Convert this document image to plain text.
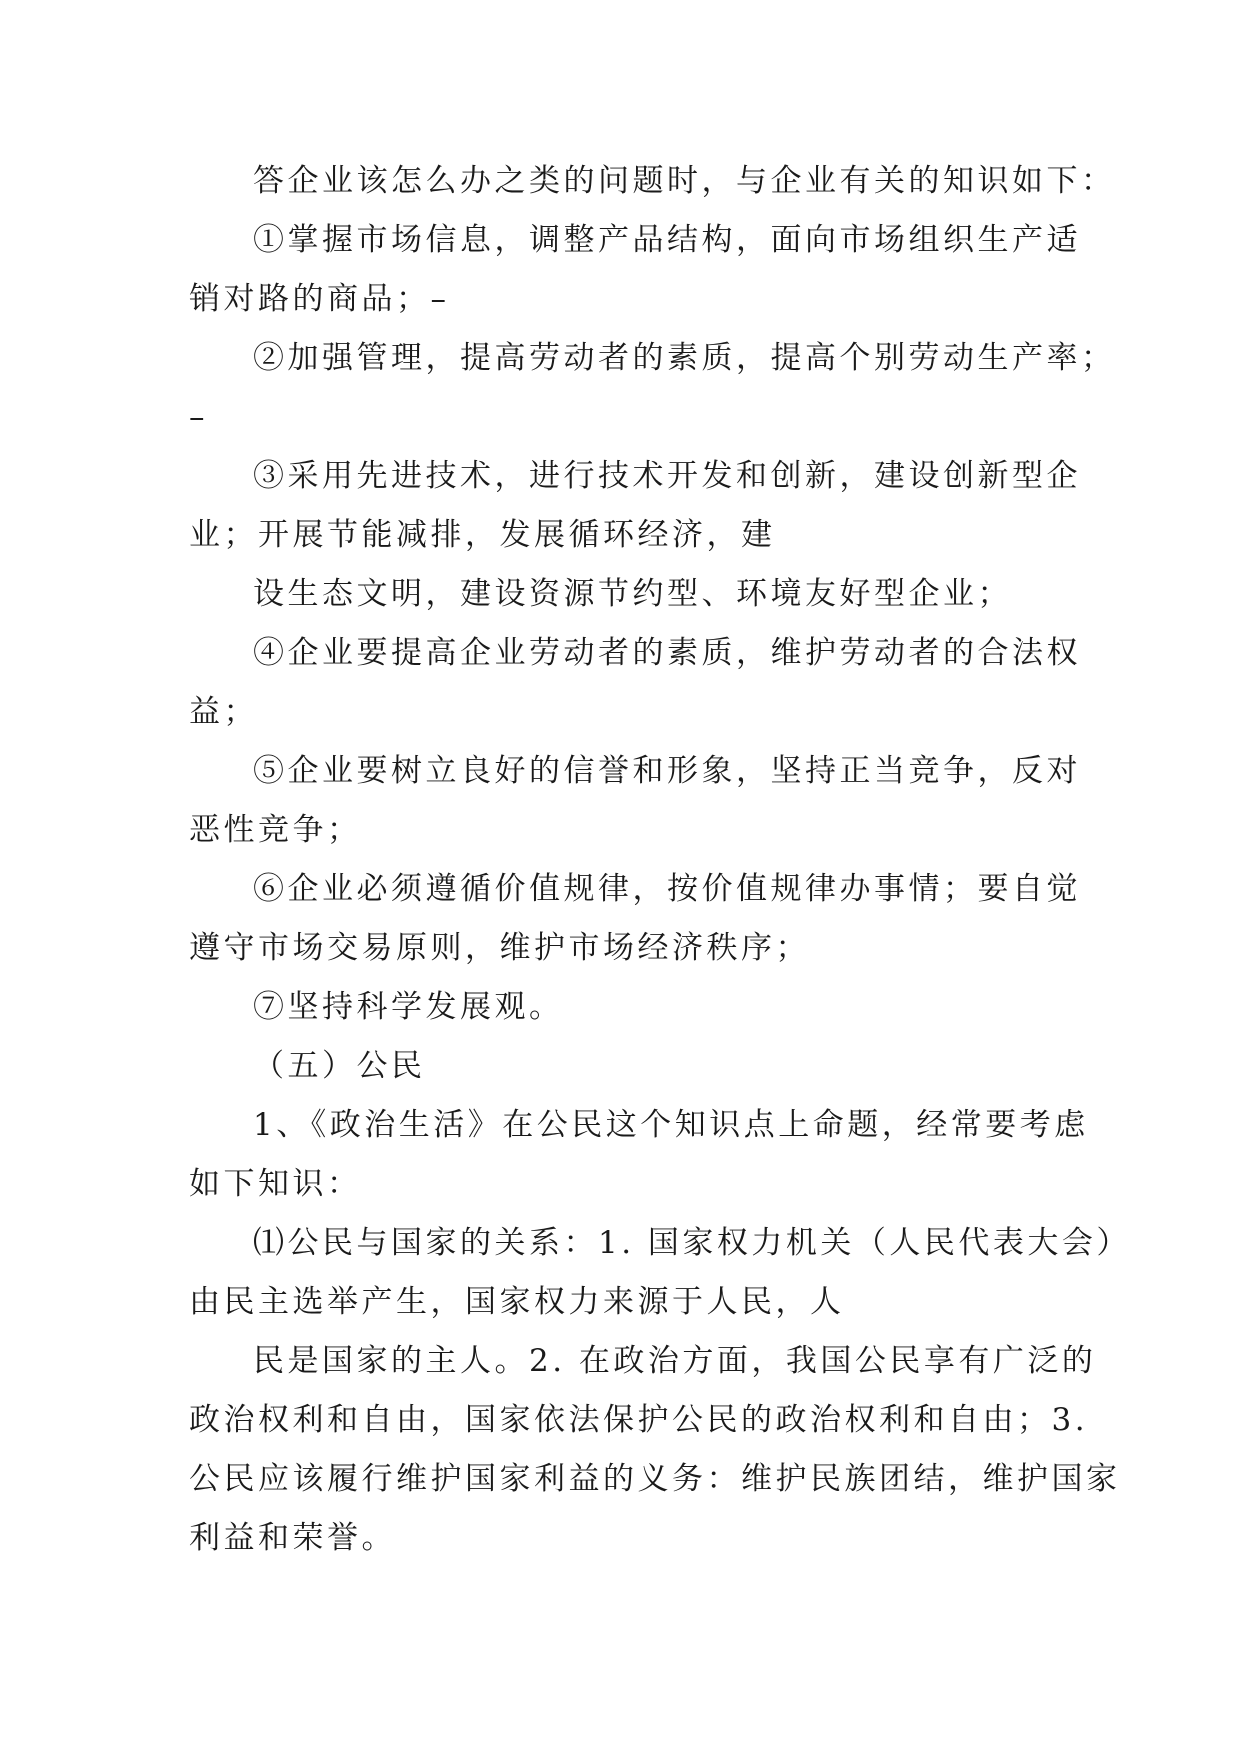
答企业该怎么办之类的问题时，与企业有关的知识如下：
①掌握市场信息，调整产品结构，面向市场组织生产适
销对路的商品；–
②加强管理，提高劳动者的素质，提高个别劳动生产率；
–
③采用先进技术，进行技术开发和创新，建设创新型企
业；开展节能减排，发展循环经济，建
设生态文明，建设资源节约型、环境友好型企业；
④企业要提高企业劳动者的素质，维护劳动者的合法权
益；
⑤企业要树立良好的信誉和形象，坚持正当竞争，反对
恶性竞争；
⑥企业必须遵循价值规律，按价值规律办事情；要自觉
遵守市场交易原则，维护市场经济秩序；
⑦坚持科学发展观。
（五）公民
1、《政治生活》在公民这个知识点上命题，经常要考虑
如下知识：
⑴公民与国家的关系：1. 国家权力机关（人民代表大会）
由民主选举产生，国家权力来源于人民，人
民是国家的主人。2. 在政治方面，我国公民享有广泛的
政治权利和自由，国家依法保护公民的政治权利和自由；3.
公民应该履行维护国家利益的义务：维护民族团结，维护国家
利益和荣誉。
